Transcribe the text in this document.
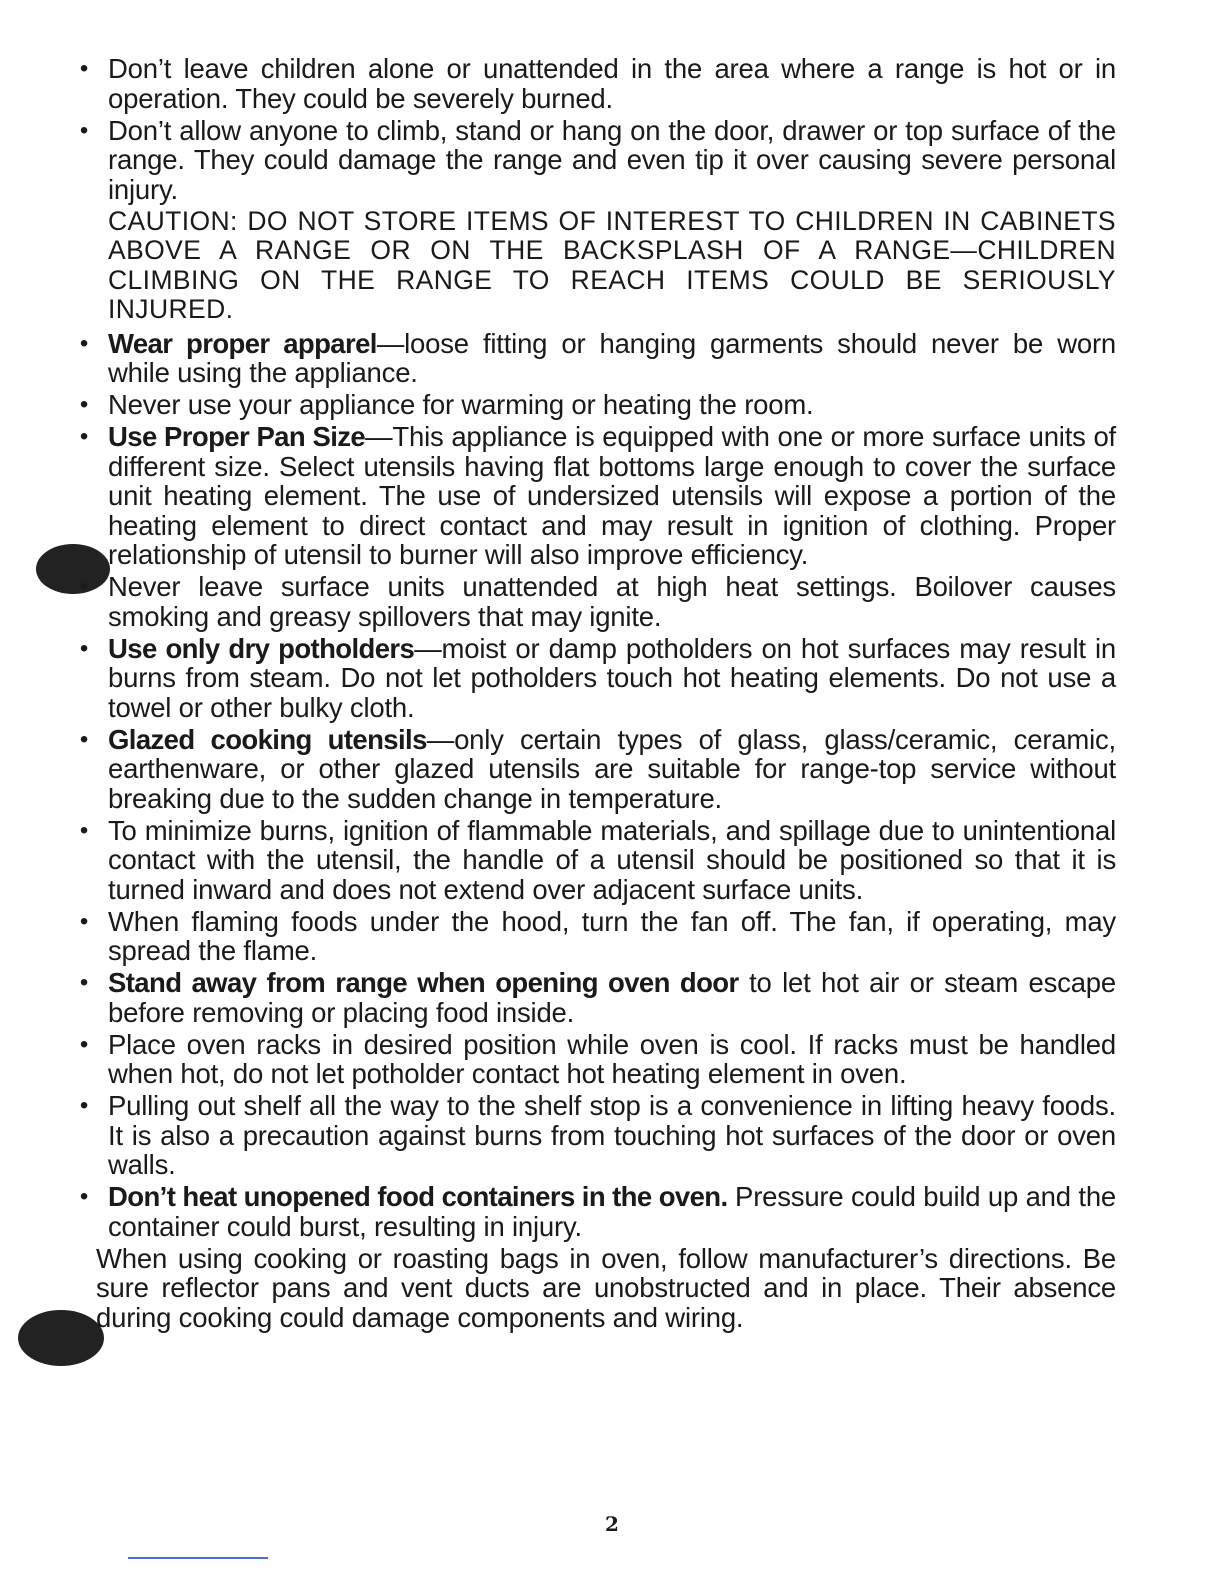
• Don’t leave children alone or unattended in the area where a range is hot or in operation. They could be severely burned.
• Don’t allow anyone to climb, stand or hang on the door, drawer or top surface of the range. They could damage the range and even tip it over causing severe personal injury.
CAUTION: DO NOT STORE ITEMS OF INTEREST TO CHILDREN IN CABINETS ABOVE A RANGE OR ON THE BACKSPLASH OF A RANGE—CHILDREN CLIMBING ON THE RANGE TO REACH ITEMS COULD BE SERIOUSLY INJURED.
• Wear proper apparel—loose fitting or hanging garments should never be worn while using the appliance.
• Never use your appliance for warming or heating the room.
• Use Proper Pan Size—This appliance is equipped with one or more surface units of different size. Select utensils having flat bottoms large enough to cover the surface unit heating element. The use of undersized utensils will expose a portion of the heating element to direct contact and may result in ignition of clothing. Proper relationship of utensil to burner will also improve efficiency.
• Never leave surface units unattended at high heat settings. Boilover causes smoking and greasy spillovers that may ignite.
• Use only dry potholders—moist or damp potholders on hot surfaces may result in burns from steam. Do not let potholders touch hot heating elements. Do not use a towel or other bulky cloth.
• Glazed cooking utensils—only certain types of glass, glass/ceramic, ceramic, earthenware, or other glazed utensils are suitable for range-top service without breaking due to the sudden change in temperature.
• To minimize burns, ignition of flammable materials, and spillage due to unintentional contact with the utensil, the handle of a utensil should be positioned so that it is turned inward and does not extend over adjacent surface units.
• When flaming foods under the hood, turn the fan off. The fan, if operating, may spread the flame.
• Stand away from range when opening oven door to let hot air or steam escape before removing or placing food inside.
• Place oven racks in desired position while oven is cool. If racks must be handled when hot, do not let potholder contact hot heating element in oven.
• Pulling out shelf all the way to the shelf stop is a convenience in lifting heavy foods. It is also a precaution against burns from touching hot surfaces of the door or oven walls.
• Don’t heat unopened food containers in the oven. Pressure could build up and the container could burst, resulting in injury.
When using cooking or roasting bags in oven, follow manufacturer’s directions. Be sure reflector pans and vent ducts are unobstructed and in place. Their absence during cooking could damage components and wiring.
2
